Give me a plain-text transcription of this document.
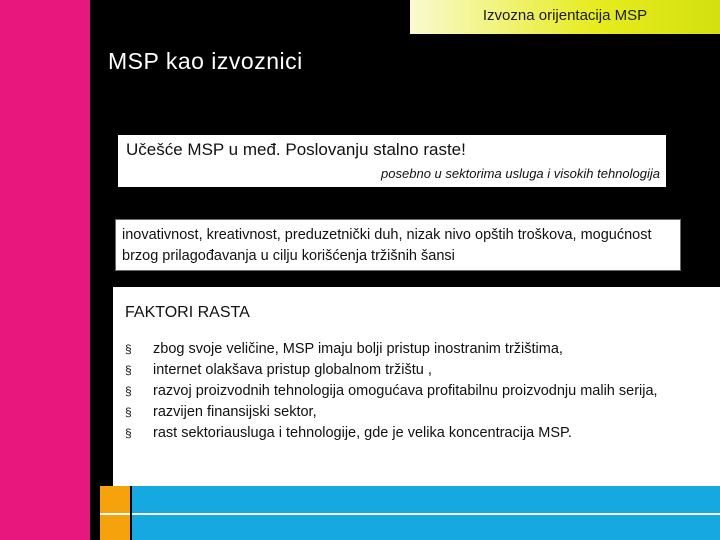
Izvozna orijentacija MSP
MSP kao izvoznici
Učešće MSP u međ. Poslovanju stalno raste!
posebno u sektorima usluga i visokih tehnologija
inovativnost, kreativnost, preduzetnički duh, nizak nivo opštih troškova, mogućnost brzog prilagođavanja u cilju korišćenja tržišnih šansi
FAKTORI RASTA
§ zbog svoje veličine, MSP imaju bolji pristup inostranim tržištima,
§ internet olakšava pristup globalnom tržištu ,
§ razvoj proizvodnih tehnologija omogućava profitabilnu proizvodnju malih serija,
§ razvijen finansijski sektor,
§ rast sektoriausluga i tehnologije, gde je velika koncentracija MSP.
